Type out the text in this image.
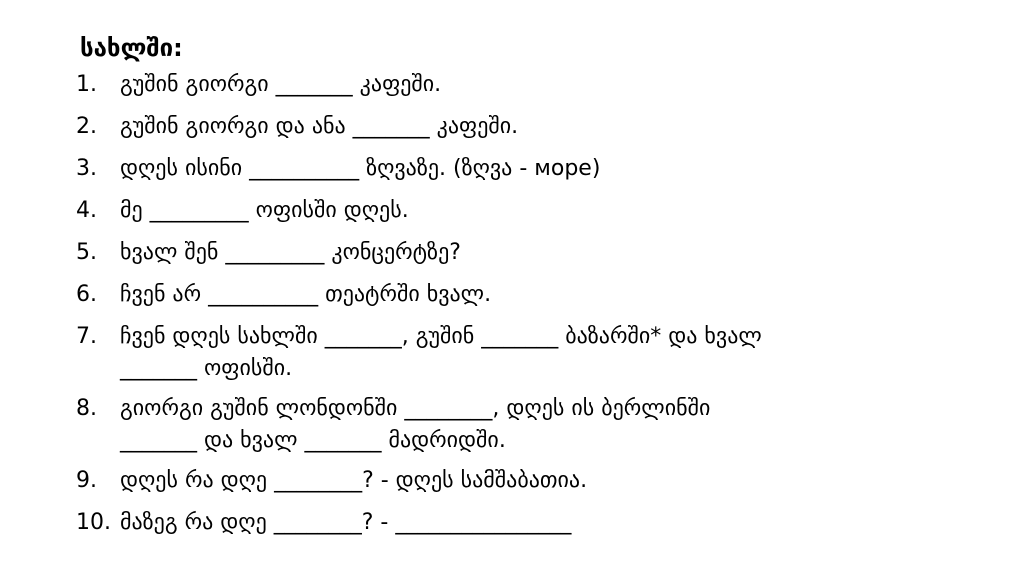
სახლში:
1.	გუშინ გიორგი _______ კაფეში.
2.	გუშინ გიორგი და ანა _______ კაფეში.
3.	დღეს ისინი __________ ზღვაზე. (ზღვა - море)
4.	მე _________ ოფისში დღეს.
5.	ხვალ შენ _________ კონცერტზე?
6.	ჩვენ არ __________ თეატრში ხვალ.
7.	ჩვენ დღეს სახლში _______, გუშინ _______ ბაზარში* და ხვალ
_______ ოფისში.
8.	გიორგი გუშინ ლონდონში ________, დღეს ის ბერლინში
_______ და ხვალ _______ მადრიდში.
9.	დღეს რა დღე ________? - დღეს სამშაბათია.
10. მაზეგ რა დღე ________? - ________________
